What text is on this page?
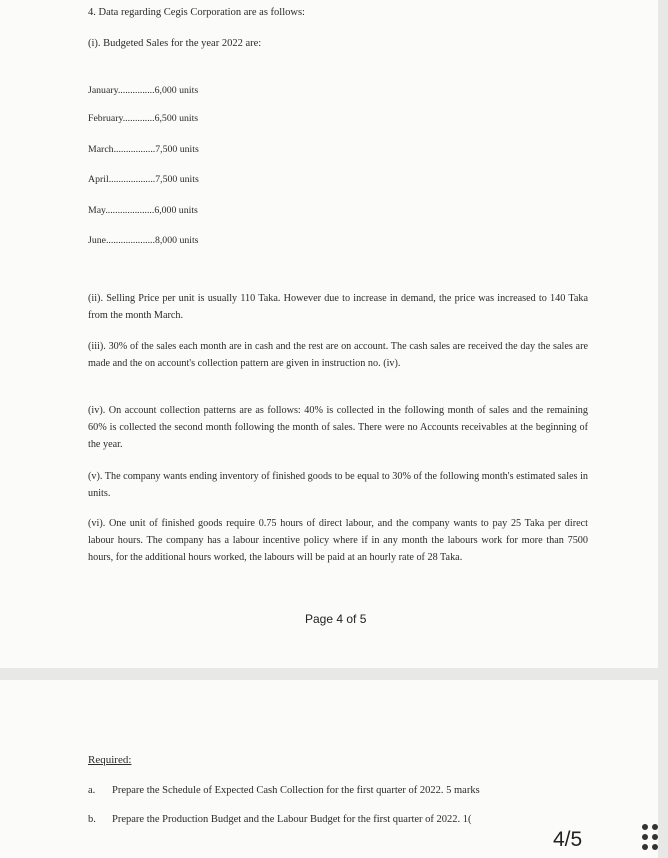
4. Data regarding Cegis Corporation are as follows:
(i). Budgeted Sales for the year 2022 are:
January...............6,000 units
February.............6,500 units
March.................7,500 units
April...................7,500 units
May....................6,000 units
June....................8,000 units
(ii). Selling Price per unit is usually 110 Taka. However due to increase in demand, the price was increased to 140 Taka from the month March.
(iii). 30% of the sales each month are in cash and the rest are on account. The cash sales are received the day the sales are made and the on account's collection pattern are given in instruction no. (iv).
(iv). On account collection patterns are as follows: 40% is collected in the following month of sales and the remaining 60% is collected the second month following the month of sales. There were no Accounts receivables at the beginning of the year.
(v). The company wants ending inventory of finished goods to be equal to 30% of the following month's estimated sales in units.
(vi). One unit of finished goods require 0.75 hours of direct labour, and the company wants to pay 25 Taka per direct labour hours. The company has a labour incentive policy where if in any month the labours work for more than 7500 hours, for the additional hours worked, the labours will be paid at an hourly rate of 28 Taka.
Page 4 of 5
Required:
a. Prepare the Schedule of Expected Cash Collection for the first quarter of 2022. 5 marks
b. Prepare the Production Budget and the Labour Budget for the first quarter of 2022. 1(
4/5
